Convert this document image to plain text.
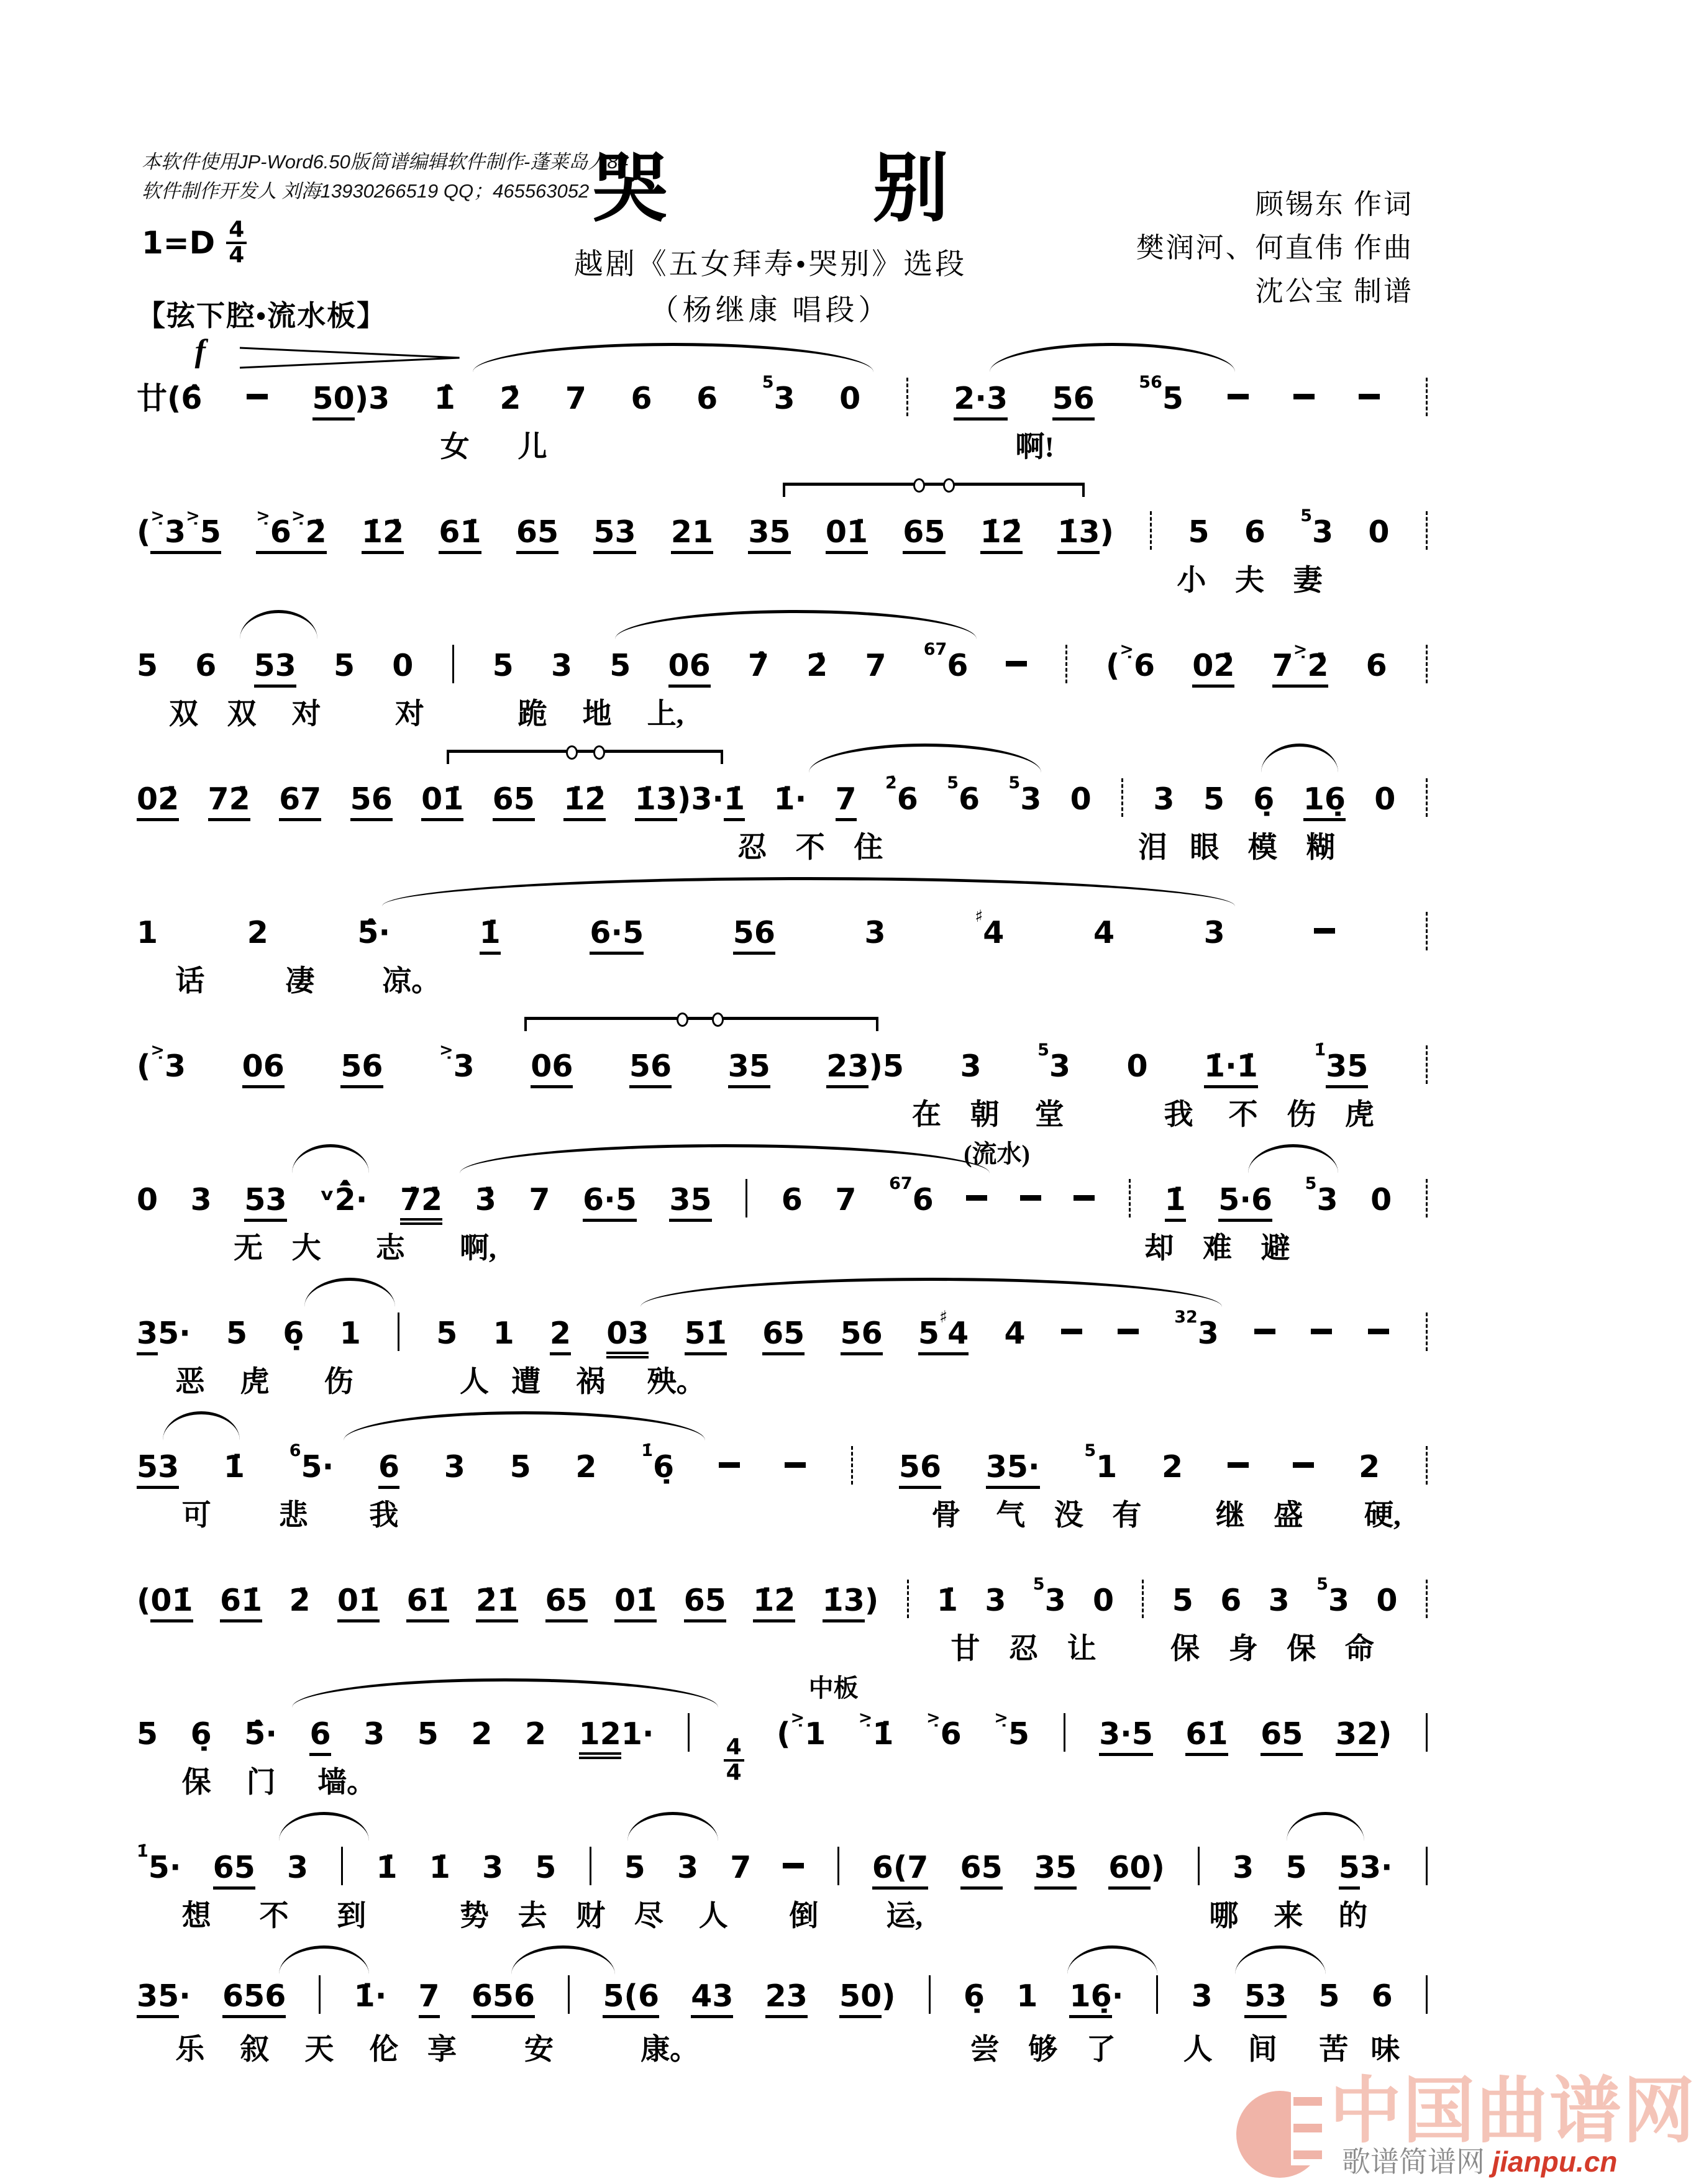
本软件使用JP-Word6.50版简谱编辑软件制作-蓬莱岛人84
软件制作开发人 刘海13930266519 QQ；465563052 哭	别
越剧《五女拜寿•哭别》选段
（杨继康 唱段）
顾锡东 作词
樊润河、何直伟 作曲
沈公宝 制谱
1=D 4
4
【弦下腔•流水板】
f
廿(6̂	50)3 1̇̂ 2̇ 7 6 6	$^5$3 0	2·3 56	$^{56}$5
女 儿	啊!
(>̣3>̣5 >̣6>̣2̇ 1̇2̇ 61̇ 65 53 21 35 01̇ 65 1̇2̇ 1̇3) 5 6 $^5$3 0
小 夫 妻
5 6 53 5 0	5 3 5 06 7̂ 2̇ 7 $^{67}$6	(>̣6 02̇ 7>̣2̇ 6
双 双 对	对	跪 地 上,
02̇ 72̇ 67 56 01̇ 65 1̇2̇ 1̇3)3·1̇ 1̇· 7 $^{2̇}$6 $^5$6 $^5$3 0 3 5 6̣ 16̣ 0
忍 不 住	泪 眼 模 糊
1	2	5̂·	1̇	6·5	56	3	♯4	4	3
话	凄 凉。
(>̣3 06 56	>̣3 06 56 35 23)5 3	$^5$3 0 1̇·1̇	$^{1̇}$35
在 朝 堂	我 不 伤 虎
(流水)
0 3 53 ᵛ2̇̂· 7̇2̇ 3̇ 7 6·5 35 6 7 $^{67}$6	1̇ 5·6 $^5$3 0
无 大 志 啊,	却 难 避
35· 5 6̣ 1 5 1 2 03 51̇ 65 56 5♯4 4	$^{32}$3
恶 虎 伤	人 遭 祸 殃。
53 1̇	$^6$5· 6 3 5 2	$^{1̇}$6̣	56 35·	$^5$1 2	2
可 悲 我	骨 气 没 有	继 盛 硬,
(01̇ 61̇ 2̇ 01̇ 61̇ 2̇1̇ 65 01̇ 65 1̇2̇ 1̇3) 1̇ 3 $^5$3 0 5 6 3 $^5$3 0
甘 忍 让	保 身 保 命
中板
5 6̣ 5̂· 6 3 5 2 2 121·
$\frac{4}{4}$
(>̣1 >̣1̇ >̣6 >̣5 3·5 61̇ 65 32)
保 门 墙。
$^{1̇}$5· 65 3 1̇ 1̇ 3 5 5 3 7	6(7 65 35 60) 3 5 53·
想 不 到	势 去 财 尽 人 倒 运,	哪 来 的
35· 656 1̇· 7 656 5(6 43 23 50) 6̣ 1 16̣· 3 53 5 6
乐 叙 天 伦 享 安	康。	尝 够 了 人 间 苦 味
中国曲谱网
歌谱简谱网 jianpu.cn
